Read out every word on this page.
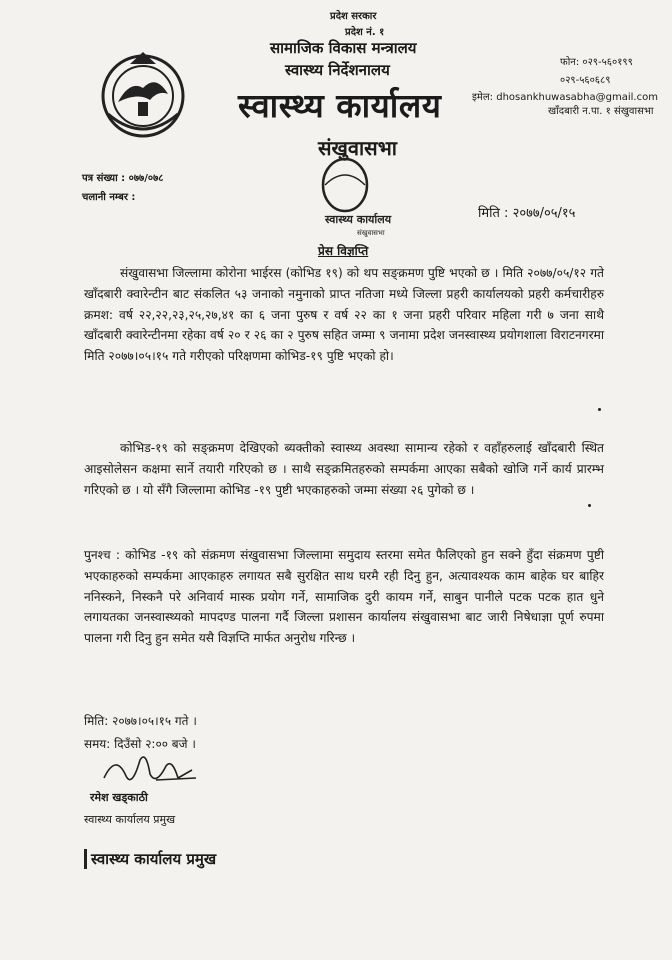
प्रदेश सरकार
प्रदेश नं. १
सामाजिक विकास मन्त्रालय
स्वास्थ्य निर्देशनालय
स्वास्थ्य कार्यालय
संखुवासभा
फोन: ०२९-५६०१९९
०२९-५६०६८९
इमेल: dhosankhuwasabha@gmail.com
खाँदबारी न.पा. १ संखुवासभा
पत्र संख्या : ०७७/०७८
चलानी नम्बर :
स्वास्थ्य कार्यालय
संखुवासभा
मिति : २०७७/०५/१५
प्रेस विज्ञप्ति
संखुवासभा जिल्लामा कोरोना भाईरस (कोभिड १९) को थप सङ्क्रमण पुष्टि भएको छ । मिति २०७७/०५/१२ गते खाँदबारी क्वारेन्टीन बाट संकलित ५३ जनाको नमुनाको प्राप्त नतिजा मध्ये जिल्ला प्रहरी कार्यालयको प्रहरी कर्मचारीहरु क्रमश: वर्ष २२,२२,२३,२५,२७,४१ का ६ जना पुरुष र वर्ष २२ का १ जना प्रहरी परिवार महिला गरी ७ जना साथै खाँदबारी क्वारेन्टीनमा रहेका वर्ष २० र २६ का २ पुरुष सहित जम्मा ९ जनामा प्रदेश जनस्वास्थ्य प्रयोगशाला विराटनगरमा मिति २०७७।०५।१५ गते गरीएको परिक्षणमा कोभिड-१९ पुष्टि भएको हो।
कोभिड-१९ को सङ्क्रमण देखिएको ब्यक्तीको स्वास्थ्य अवस्था सामान्य रहेको र वहाँहरुलाई खाँदबारी स्थित आइसोलेसन कक्षमा सार्ने तयारी गरिएको छ । साथै सङ्क्रमितहरुको सम्पर्कमा आएका सबैको खोजि गर्ने कार्य प्रारम्भ गरिएको छ । यो सँगै जिल्लामा कोभिड -१९ पुष्टी भएकाहरुको जम्मा संख्या २६ पुगेको छ ।
पुनश्च : कोभिड -१९ को संक्रमण संखुवासभा जिल्लामा समुदाय स्तरमा समेत फैलिएको हुन सक्ने हुँदा संक्रमण पुष्टी भएकाहरुको सम्पर्कमा आएकाहरु लगायत सबै सुरक्षित साथ घरमै रही दिनु हुन, अत्यावश्यक काम बाहेक घर बाहिर ननिस्कने, निस्कनै परे अनिवार्य मास्क प्रयोग गर्ने, सामाजिक दुरी कायम गर्ने, साबुन पानीले पटक पटक हात धुने लगायतका जनस्वास्थ्यको मापदण्ड पालना गर्दै जिल्ला प्रशासन कार्यालय संखुवासभा बाट जारी निषेधाज्ञा पूर्ण रुपमा पालना गरी दिनु हुन समेत यसै विज्ञप्ति मार्फत अनुरोध गरिन्छ ।
मिति: २०७७।०५।१५ गते ।
समय: दिउँसो २:०० बजे ।
रमेश खड्काठी
स्वास्थ्य कार्यालय प्रमुख
स्वास्थ्य कार्यालय प्रमुख
